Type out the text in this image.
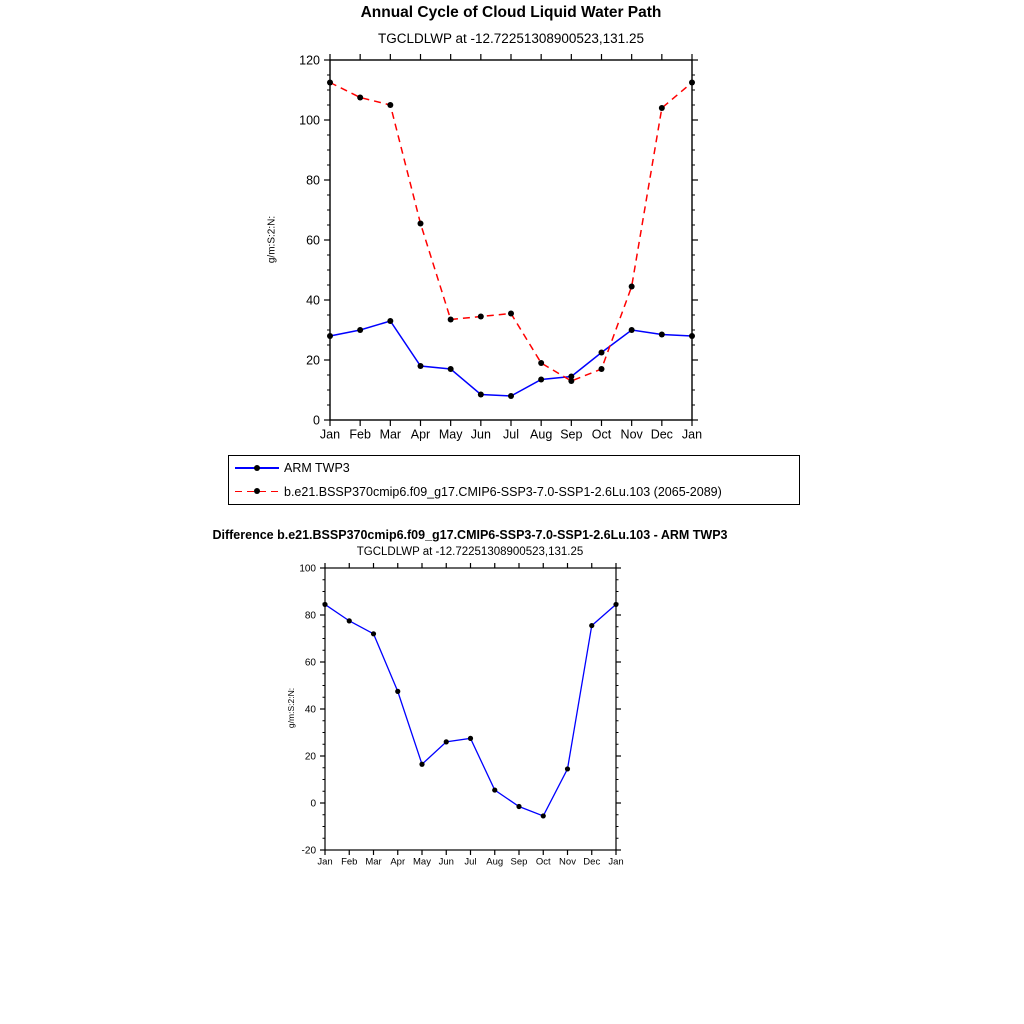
0
20
40
60
80
100
120
Jan Feb Mar Apr May Jun Jul Aug Sep Oct Nov Dec Jan
-20
0
20
40
60
80
100
Jan Feb Mar Apr May Jun Jul Aug Sep Oct Nov Dec Jan
Annual Cycle of Cloud Liquid Water Path
TGCLDLWP at -12.72251308900523,131.25
g/m:S:2:N:
ARM TWP3
b.e21.BSSP370cmip6.f09_g17.CMIP6-SSP3-7.0-SSP1-2.6Lu.103 (2065-2089)
Difference b.e21.BSSP370cmip6.f09_g17.CMIP6-SSP3-7.0-SSP1-2.6Lu.103 - ARM TWP3
TGCLDLWP at -12.72251308900523,131.25
g/m:S:2:N:
